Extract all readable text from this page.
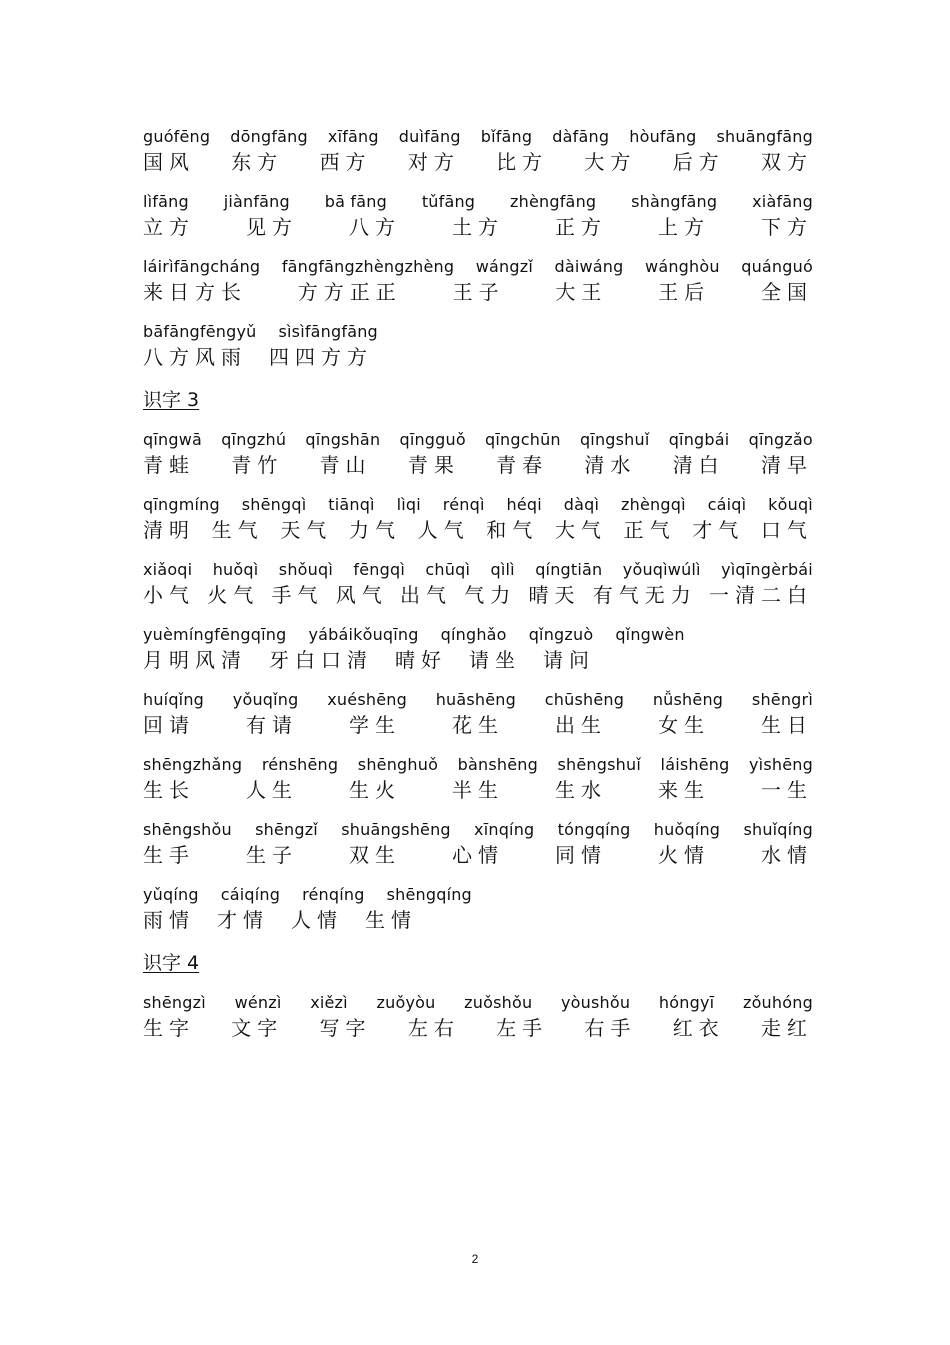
guófēng dōngfāng xīfāng duìfāng bǐfāng dàfāng hòufāng shuāngfāng
国风 东方 西方 对方 比方 大方 后方 双方
lìfāng jiànfāng bā fāng tǔfāng zhèngfāng shàngfāng xiàfāng
立方	见方	八方	土方	正方	上方	下方
láirìfāngcháng fāngfāngzhèngzhèng wángzǐ dàiwáng wánghòu quánguó
来日方长	方方正正	王子	大王	王后	全国
bāfāngfēngyǔ sìsìfāngfāng
八方风雨 四四方方
识字 3
qīngwā qīngzhú qīngshān qīngguǒ qīngchūn qīngshuǐ qīngbái qīngzǎo
青蛙 青竹 青山 青果 青春 清水 清白 清早
qīngmíng shēngqì tiānqì lìqi rénqì héqi dàqì zhèngqì cáiqì kǒuqì
清明 生气 天气 力气 人气 和气 大气 正气 才气 口气
xiǎoqi huǒqì shǒuqì fēngqì chūqì qìlì qíngtiān yǒuqìwúlì yìqīngèrbái
小气 火气 手气 风气 出气 气力 晴天 有气无力 一清二白
yuèmíngfēngqīng yábáikǒuqīng qínghǎo qǐngzuò qǐngwèn
月明风清 牙白口清 晴好 请坐 请问
huíqǐng yǒuqǐng xuéshēng huāshēng chūshēng nǚshēng shēngrì
回请	有请	学生	花生	出生	女生	生日
shēngzhǎng rénshēng shēnghuǒ bànshēng shēngshuǐ láishēng yìshēng
生长	人生	生火	半生	生水	来生	一生
shēngshǒu shēngzǐ shuāngshēng xīnqíng tóngqíng huǒqíng shuǐqíng
生手	生子	双生	心情	同情	火情	水情
yǔqíng cáiqíng rénqíng shēngqíng
雨情 才情 人情 生情
识字 4
shēngzì wénzì xiězì zuǒyòu zuǒshǒu yòushǒu hóngyī zǒuhóng
生字 文字 写字 左右 左手 右手 红衣 走红
2
